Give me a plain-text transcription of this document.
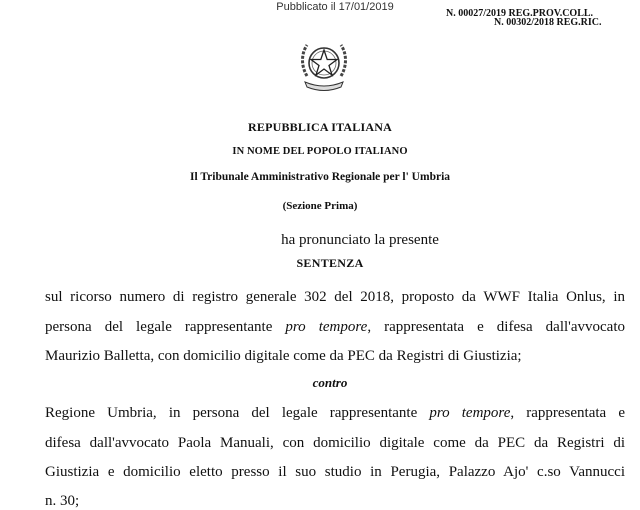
Pubblicato il 17/01/2019
N. 00027/2019 REG.PROV.COLL.
N. 00302/2018 REG.RIC.
REPUBBLICA ITALIANA
IN NOME DEL POPOLO ITALIANO
Il Tribunale Amministrativo Regionale per l' Umbria
(Sezione Prima)
ha pronunciato la presente
SENTENZA
sul ricorso numero di registro generale 302 del 2018, proposto da WWF Italia Onlus, in
persona del legale rappresentante pro tempore, rappresentata e difesa dall'avvocato
Maurizio Balletta, con domicilio digitale come da PEC da Registri di Giustizia;
contro
Regione Umbria, in persona del legale rappresentante pro tempore, rappresentata e
difesa dall'avvocato Paola Manuali, con domicilio digitale come da PEC da Registri di
Giustizia e domicilio eletto presso il suo studio in Perugia, Palazzo Ajo' c.so Vannucci
n. 30;
